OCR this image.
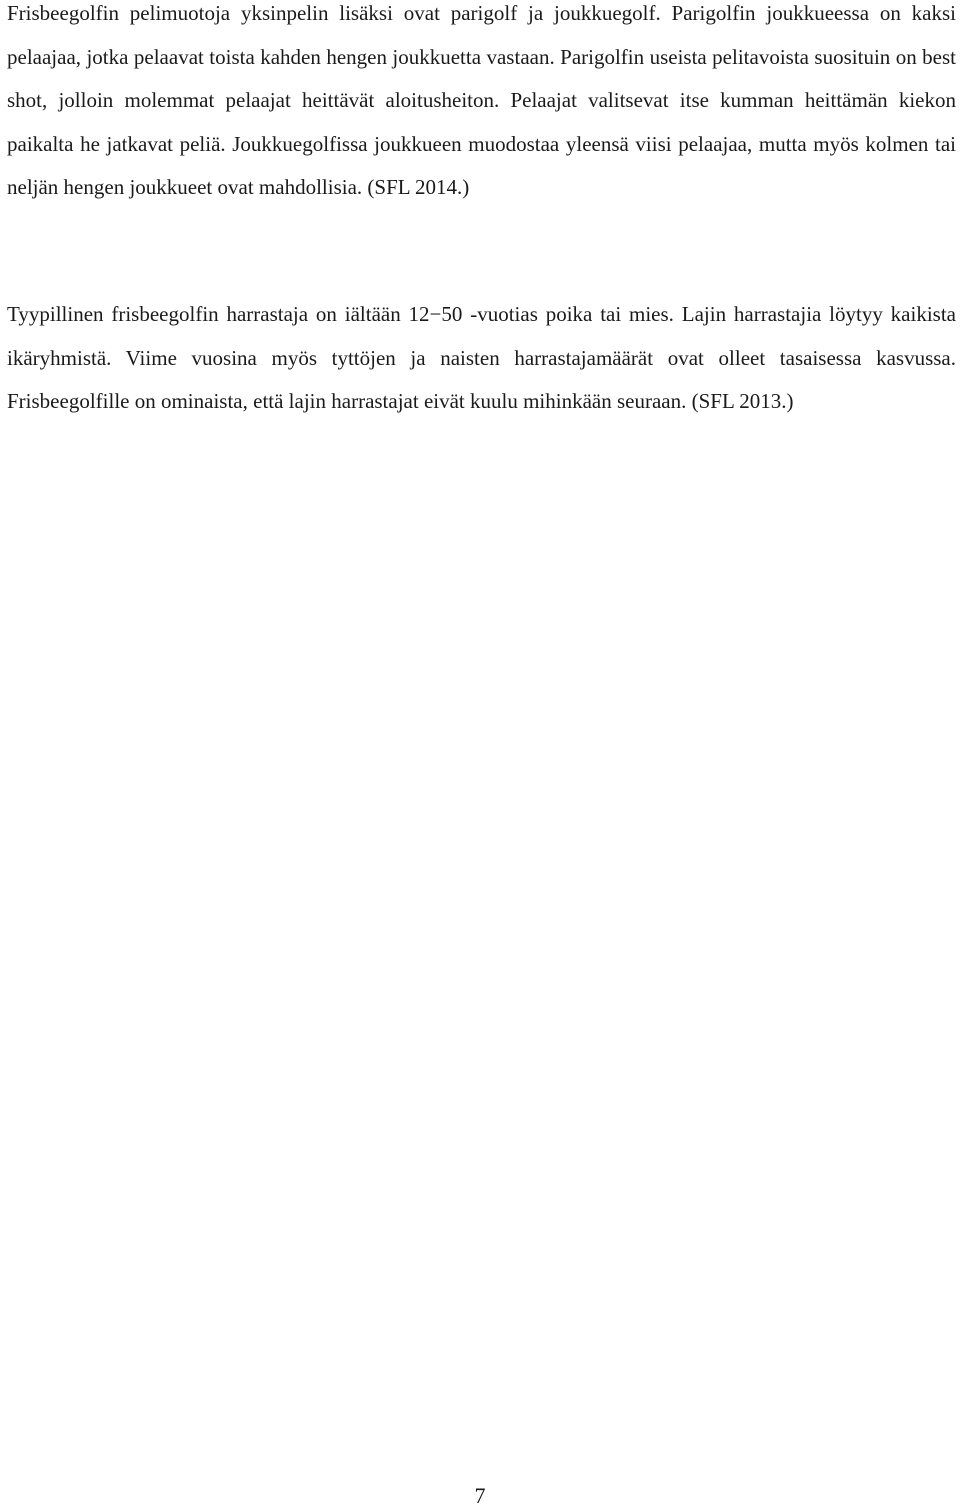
Frisbeegolfin pelimuotoja yksinpelin lisäksi ovat parigolf ja joukkuegolf. Parigolfin joukkueessa on kaksi pelaajaa, jotka pelaavat toista kahden hengen joukkuetta vastaan. Parigolfin useista pelitavoista suosituin on best shot, jolloin molemmat pelaajat heittävät aloitusheiton. Pelaajat valitsevat itse kumman heittämän kiekon paikalta he jatkavat peliä. Joukkuegolfissa joukkueen muodostaa yleensä viisi pelaajaa, mutta myös kolmen tai neljän hengen joukkueet ovat mahdollisia. (SFL 2014.)

Tyypillinen frisbeegolfin harrastaja on iältään 12−50 -vuotias poika tai mies. Lajin harrastajia löytyy kaikista ikäryhmistä. Viime vuosina myös tyttöjen ja naisten harrastajamäärät ovat olleet tasaisessa kasvussa. Frisbeegolfille on ominaista, että lajin harrastajat eivät kuulu mihinkään seuraan. (SFL 2013.)

7
